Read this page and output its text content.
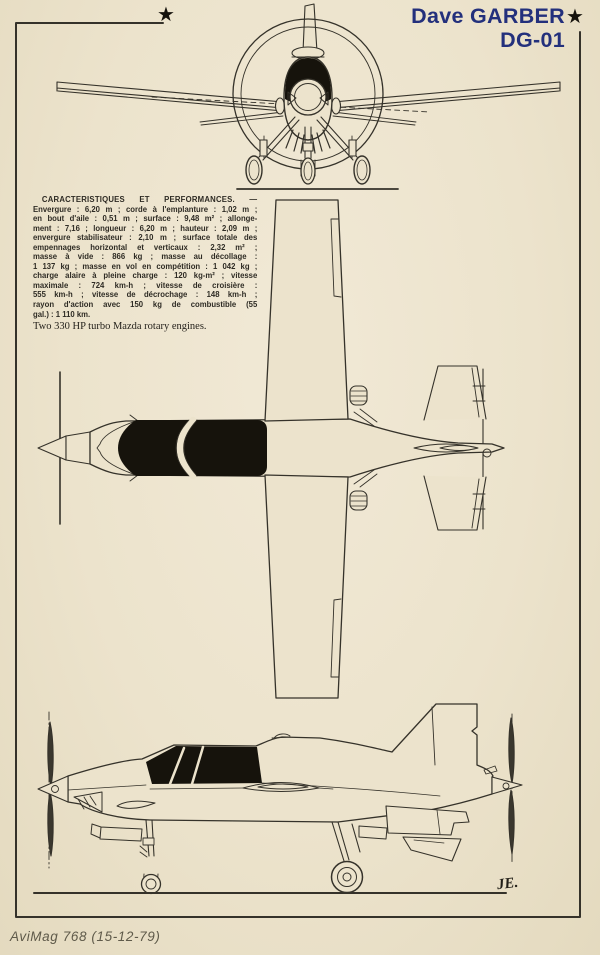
★	★
Dave GARBER
DG-01
CARACTERISTIQUES ET PERFORMANCES. —
Envergure : 6,20 m ; corde à l'emplanture : 1,02 m ;
en bout d'aile : 0,51 m ; surface : 9,48 m² ; allonge-
ment : 7,16 ; longueur : 6,20 m ; hauteur : 2,09 m ;
envergure stabilisateur : 2,10 m ; surface totale des
empennages horizontal et verticaux : 2,32 m² ;
masse à vide : 866 kg ; masse au décollage :
1 137 kg ; masse en vol en compétition : 1 042 kg ;
charge alaire à pleine charge : 120 kg-m² ; vitesse
maximale : 724 km-h ; vitesse de croisière :
555 km-h ; vitesse de décrochage : 148 km-h ;
rayon d'action avec 150 kg de combustible (55
gal.) : 1 110 km.
Two 330 HP turbo Mazda rotary engines.
JE.
AviMag 768 (15-12-79)
